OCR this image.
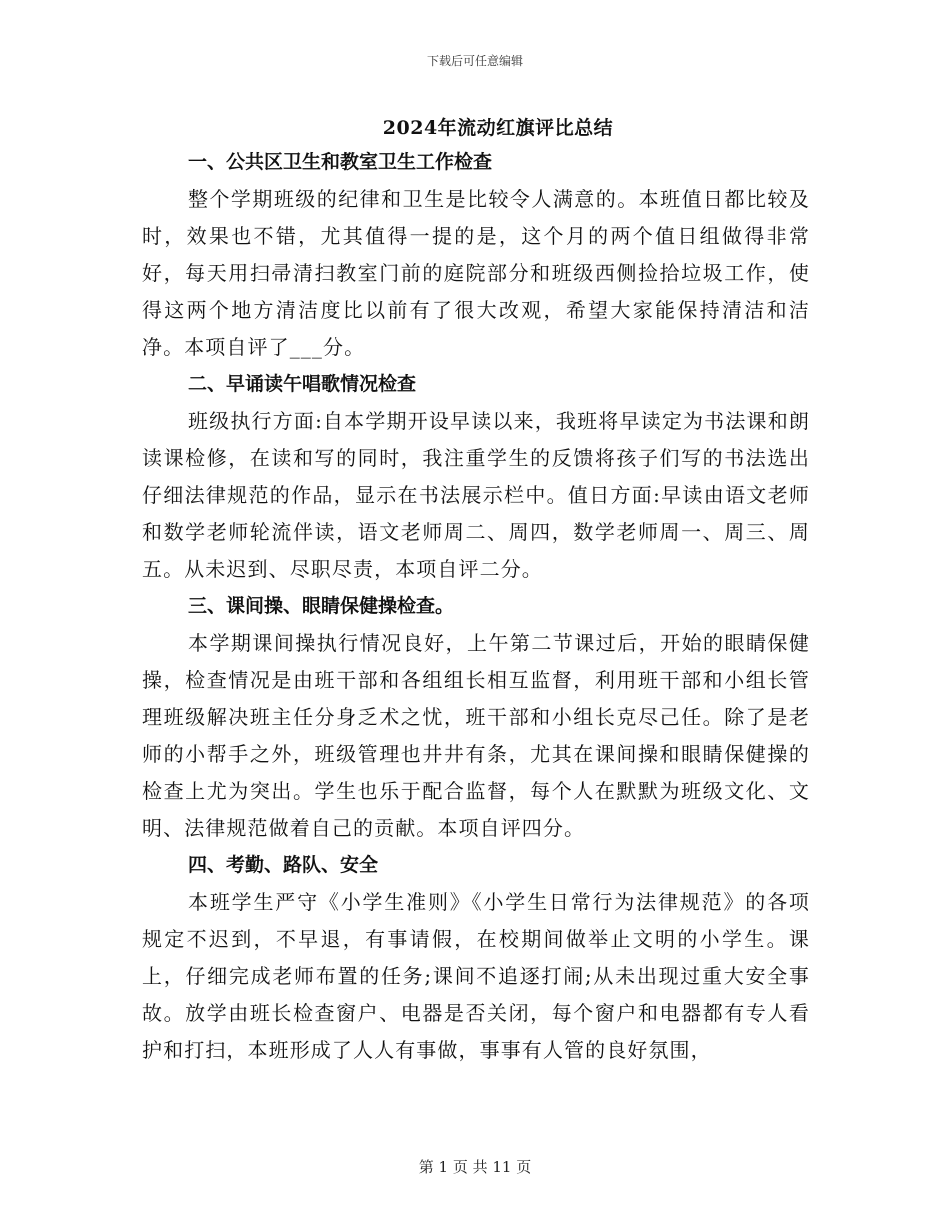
下载后可任意编辑
2024年流动红旗评比总结

一、公共区卫生和教室卫生工作检查

整个学期班级的纪律和卫生是比较令人满意的。本班值日都比较及时，效果也不错，尤其值得一提的是，这个月的两个值日组做得非常好，每天用扫帚清扫教室门前的庭院部分和班级西侧捡拾垃圾工作，使得这两个地方清洁度比以前有了很大改观，希望大家能保持清洁和洁净。本项自评了___分。

二、早诵读午唱歌情况检查

班级执行方面:自本学期开设早读以来，我班将早读定为书法课和朗读课检修，在读和写的同时，我注重学生的反馈将孩子们写的书法选出仔细法律规范的作品，显示在书法展示栏中。值日方面:早读由语文老师和数学老师轮流伴读，语文老师周二、周四，数学老师周一、周三、周五。从未迟到、尽职尽责，本项自评二分。

三、课间操、眼睛保健操检查。

本学期课间操执行情况良好，上午第二节课过后，开始的眼睛保健操，检查情况是由班干部和各组组长相互监督，利用班干部和小组长管理班级解决班主任分身乏术之忧，班干部和小组长克尽己任。除了是老师的小帮手之外，班级管理也井井有条，尤其在课间操和眼睛保健操的检查上尤为突出。学生也乐于配合监督，每个人在默默为班级文化、文明、法律规范做着自己的贡献。本项自评四分。

四、考勤、路队、安全

本班学生严守《小学生准则》《小学生日常行为法律规范》的各项规定不迟到，不早退，有事请假，在校期间做举止文明的小学生。课上，仔细完成老师布置的任务;课间不追逐打闹;从未出现过重大安全事故。放学由班长检查窗户、电器是否关闭，每个窗户和电器都有专人看护和打扫，本班形成了人人有事做，事事有人管的良好氛围，

第 1 页 共 11 页
